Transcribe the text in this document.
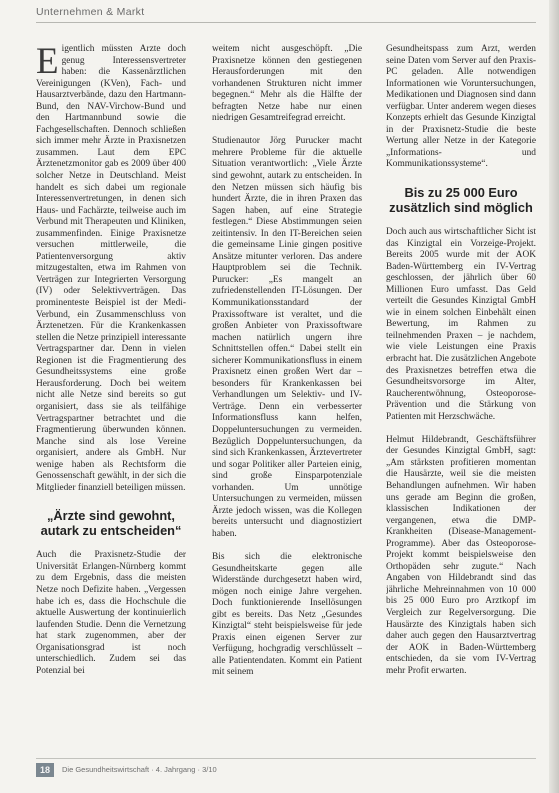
Unternehmen & Markt

Eigentlich müssten Ärzte doch genug Interessensvertreter haben: die Kassenärztlichen Vereinigungen (KVen), Fach- und Hausarztverbände, dazu den Hartmann-Bund, den NAV-Virchow-Bund und den Hartmannbund sowie die Fachgesellschaften. Dennoch schließen sich immer mehr Ärzte in Praxisnetzen zusammen. Laut dem EPC Ärztenetzmonitor gab es 2009 über 400 solcher Netze in Deutschland. Meist handelt es sich dabei um regionale Interessenvertretungen, in denen sich Haus- und Fachärzte, teilweise auch im Verbund mit Therapeuten und Kliniken, zusammenfinden. Einige Praxisnetze versuchen mittlerweile, die Patientenversorgung aktiv mitzugestalten, etwa im Rahmen von Verträgen zur Integrierten Versorgung (IV) oder Selektivverträgen. Das prominenteste Beispiel ist der Medi-Verbund, ein Zusammenschluss von Ärztenetzen. Für die Krankenkassen stellen die Netze prinzipiell interessante Vertragspartner dar. Denn in vielen Regionen ist die Fragmentierung des Gesundheitssystems eine große Herausforderung. Doch bei weitem nicht alle Netze sind bereits so gut organisiert, dass sie als teilfähige Vertragspartner betrachtet und die Fragmentierung überwunden können. Manche sind als lose Vereine organisiert, andere als GmbH. Nur wenige haben als Rechtsform die Genossenschaft gewählt, in der sich die Mitglieder finanziell beteiligen müssen.

„Ärzte sind gewohnt, autark zu entscheiden“

Auch die Praxisnetz-Studie der Universität Erlangen-Nürnberg kommt zu dem Ergebnis, dass die meisten Netze noch Defizite haben. „Vergessen habe ich es, dass die Hochschule die aktuelle Auswertung der kontinuierlich laufenden Studie. Denn die Vernetzung hat stark zugenommen, aber der Organisationsgrad ist noch unterschiedlich. Zudem sei das Potenzial bei

weitem nicht ausgeschöpft. „Die Praxisnetze können den gestiegenen Herausforderungen mit den vorhandenen Strukturen nicht immer begegnen.“ Mehr als die Hälfte der befragten Netze habe nur einen niedrigen Gesamtreifegrad erreicht.

Studienautor Jörg Purucker macht mehrere Probleme für die aktuelle Situation verantwortlich: „Viele Ärzte sind gewohnt, autark zu entscheiden. In den Netzen müssen sich häufig bis hundert Ärzte, die in ihren Praxen das Sagen haben, auf eine Strategie festlegen.“ Diese Abstimmungen seien zeitintensiv. In den IT-Bereichen seien die gemeinsame Linie gingen positive Ansätze mitunter verloren. Das andere Hauptproblem sei die Technik. Purucker: „Es mangelt an zufriedenstellenden IT-Lösungen. Der Kommunikationsstandard der Praxissoftware ist veraltet, und die großen Anbieter von Praxissoftware machen natürlich ungern ihre Schnittstellen offen.“ Dabei stellt ein sicherer Kommunikationsfluss in einem Praxisnetz einen großen Wert dar – besonders für Krankenkassen bei Verhandlungen um Selektiv- und IV-Verträge. Denn ein verbesserter Informationsfluss kann helfen, Doppeluntersuchungen zu vermeiden. Bezüglich Doppeluntersuchungen, da sind sich Krankenkassen, Ärztevertreter und sogar Politiker aller Parteien einig, sind große Einsparpotenziale vorhanden. Um unnötige Untersuchungen zu vermeiden, müssen Ärzte jedoch wissen, was die Kollegen bereits untersucht und diagnostiziert haben.

Bis sich die elektronische Gesundheitskarte gegen alle Widerstände durchgesetzt haben wird, mögen noch einige Jahre vergehen. Doch funktionierende Insellösungen gibt es bereits. Das Netz „Gesundes Kinzigtal“ steht beispielsweise für jede Praxis einen eigenen Server zur Verfügung, hochgradig verschlüsselt – alle Patientendaten. Kommt ein Patient mit seinem

Gesundheitspass zum Arzt, werden seine Daten vom Server auf den Praxis-PC geladen. Alle notwendigen Informationen wie Voruntersuchungen, Medikationen und Diagnosen sind dann verfügbar. Unter anderem wegen dieses Konzepts erhielt das Gesunde Kinzigtal in der Praxisnetz-Studie die beste Wertung aller Netze in der Kategorie „Informations- und Kommunikationssysteme“.

Bis zu 25 000 Euro zusätzlich sind möglich

Doch auch aus wirtschaftlicher Sicht ist das Kinzigtal ein Vorzeige-Projekt. Bereits 2005 wurde mit der AOK Baden-Württemberg ein IV-Vertrag geschlossen, der jährlich über 60 Millionen Euro umfasst. Das Geld verteilt die Gesundes Kinzigtal GmbH wie in einem solchen Einbehält einen Bewertung, im Rahmen zu teilnehmenden Praxen – je nachdem, wie viele Leistungen eine Praxis erbracht hat. Die zusätzlichen Angebote des Praxisnetzes betreffen etwa die Gesundheitsvorsorge im Alter, Raucherentwöhnung, Osteoporose-Prävention und die Stärkung von Patienten mit Herzschwäche.

Helmut Hildebrandt, Geschäftsführer der Gesundes Kinzigtal GmbH, sagt: „Am stärksten profitieren momentan die Hausärzte, weil sie die meisten Behandlungen aufnehmen. Wir haben uns gerade am Beginn die großen, klassischen Indikationen der vergangenen, etwa die DMP-Krankheiten (Disease-Management-Programme). Aber das Osteoporose-Projekt kommt beispielsweise den Orthopäden sehr zugute.“ Nach Angaben von Hildebrandt sind das jährliche Mehreinnahmen von 10 000 bis 25 000 Euro pro Arztkopf im Vergleich zur Regelversorgung. Die Hausärzte des Kinzigtals haben sich daher auch gegen den Hausarztvertrag der AOK in Baden-Württemberg entschieden, da sie vom IV-Vertrag mehr Profit erwarten.

18	Die Gesundheitswirtschaft · 4. Jahrgang · 3/10
